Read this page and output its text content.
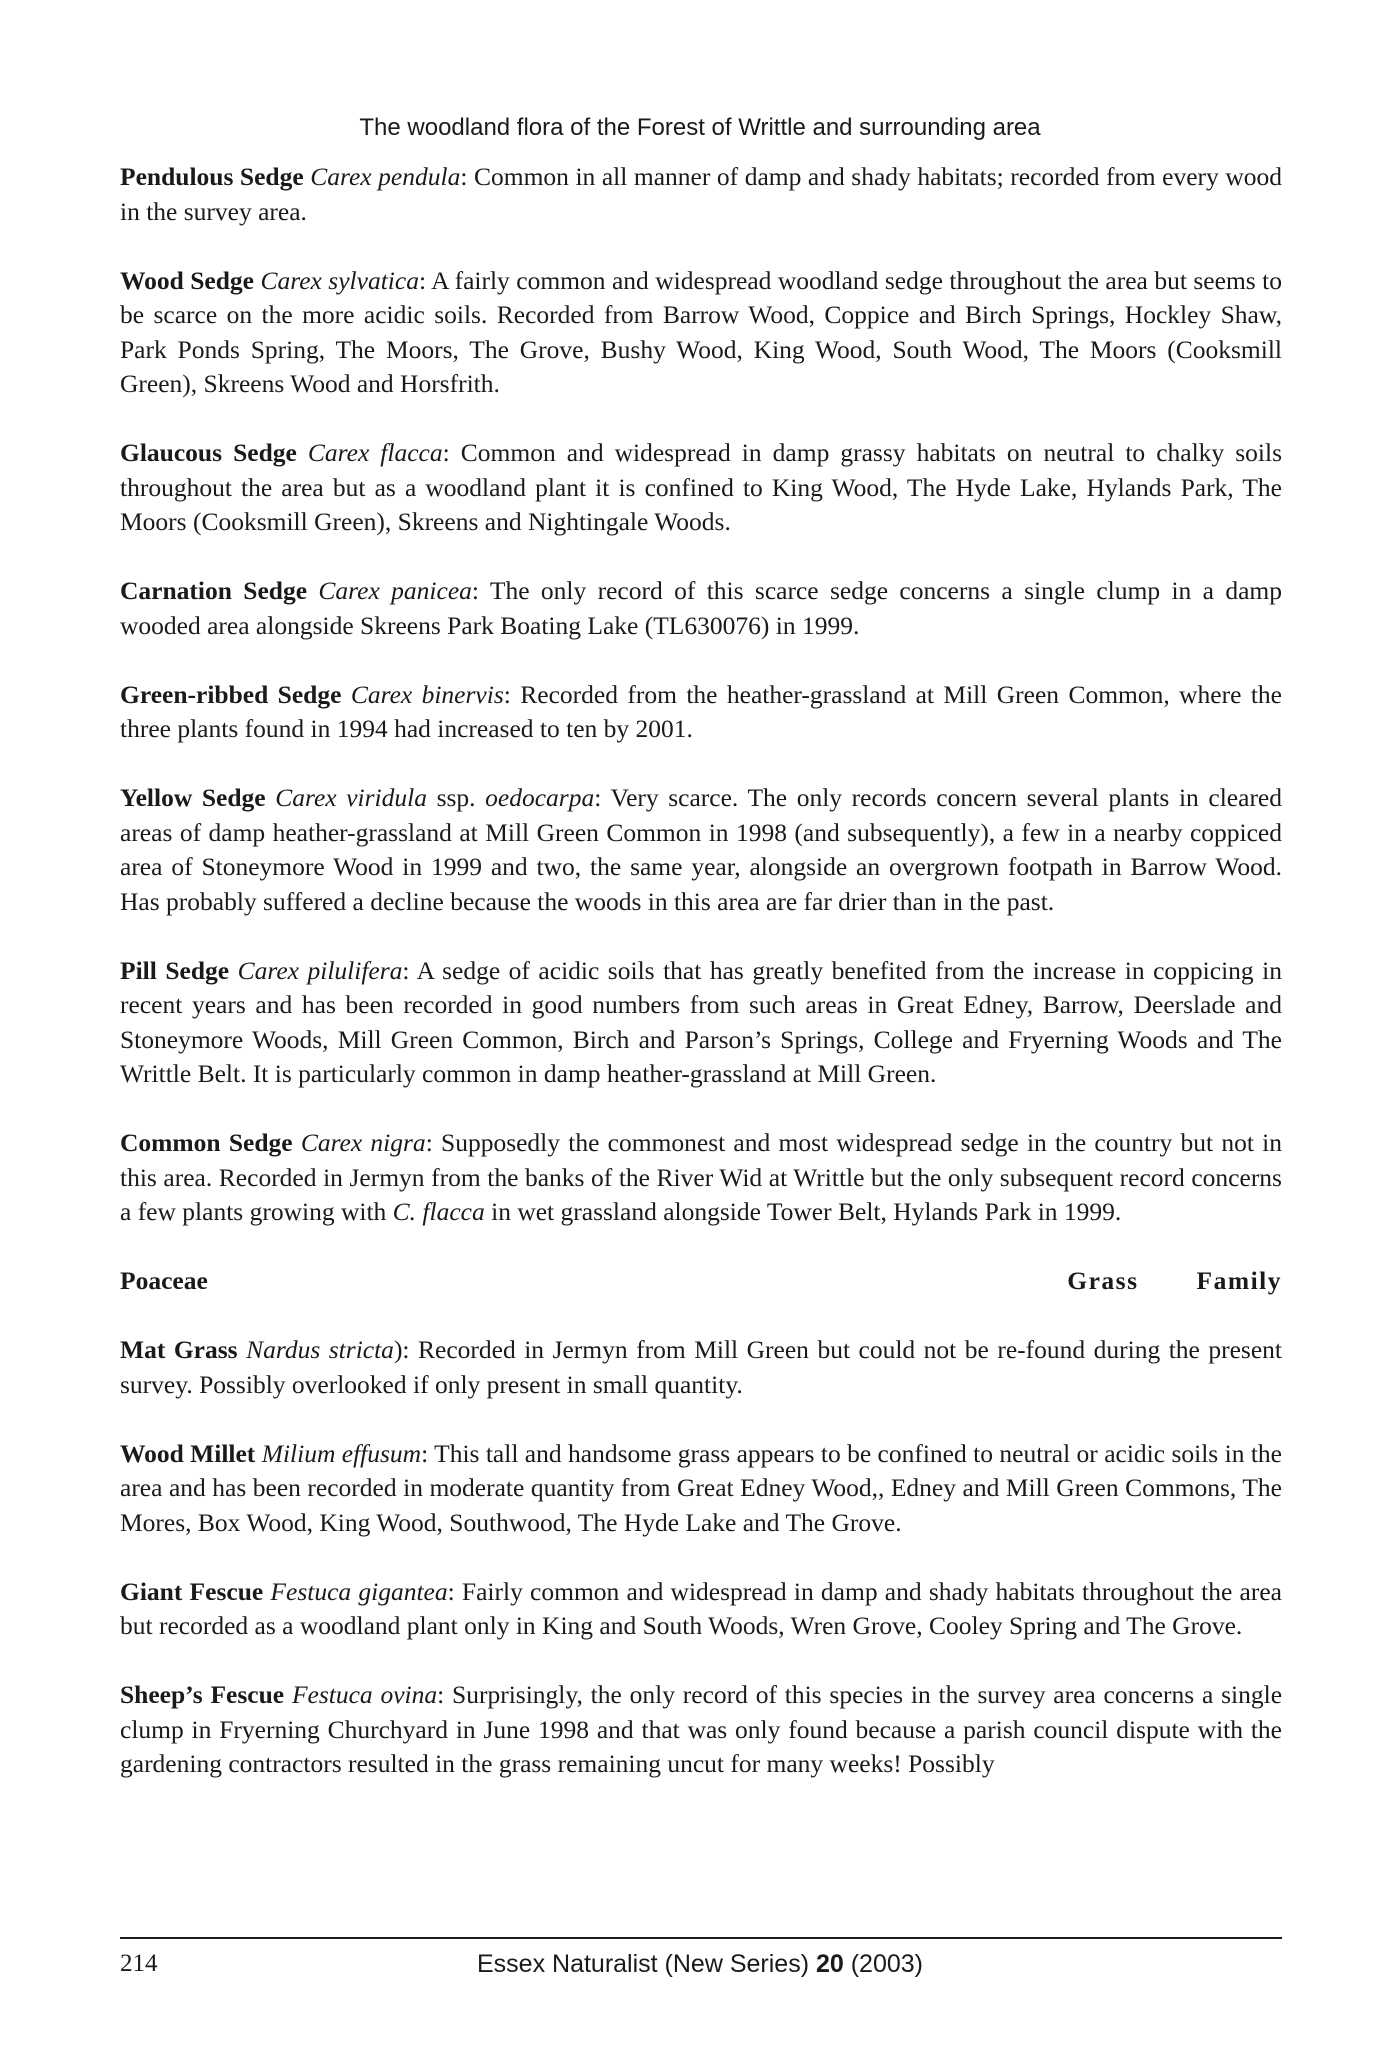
The woodland flora of the Forest of Writtle and surrounding area

Pendulous Sedge Carex pendula: Common in all manner of damp and shady habitats; recorded from every wood in the survey area.

Wood Sedge Carex sylvatica: A fairly common and widespread woodland sedge throughout the area but seems to be scarce on the more acidic soils. Recorded from Barrow Wood, Coppice and Birch Springs, Hockley Shaw, Park Ponds Spring, The Moors, The Grove, Bushy Wood, King Wood, South Wood, The Moors (Cooksmill Green), Skreens Wood and Horsfrith.

Glaucous Sedge Carex flacca: Common and widespread in damp grassy habitats on neutral to chalky soils throughout the area but as a woodland plant it is confined to King Wood, The Hyde Lake, Hylands Park, The Moors (Cooksmill Green), Skreens and Nightingale Woods.

Carnation Sedge Carex panicea: The only record of this scarce sedge concerns a single clump in a damp wooded area alongside Skreens Park Boating Lake (TL630076) in 1999.

Green-ribbed Sedge Carex binervis: Recorded from the heather-grassland at Mill Green Common, where the three plants found in 1994 had increased to ten by 2001.

Yellow Sedge Carex viridula ssp. oedocarpa: Very scarce. The only records concern several plants in cleared areas of damp heather-grassland at Mill Green Common in 1998 (and subsequently), a few in a nearby coppiced area of Stoneymore Wood in 1999 and two, the same year, alongside an overgrown footpath in Barrow Wood. Has probably suffered a decline because the woods in this area are far drier than in the past.

Pill Sedge Carex pilulifera: A sedge of acidic soils that has greatly benefited from the increase in coppicing in recent years and has been recorded in good numbers from such areas in Great Edney, Barrow, Deerslade and Stoneymore Woods, Mill Green Common, Birch and Parson’s Springs, College and Fryerning Woods and The Writtle Belt. It is particularly common in damp heather-grassland at Mill Green.

Common Sedge Carex nigra: Supposedly the commonest and most widespread sedge in the country but not in this area. Recorded in Jermyn from the banks of the River Wid at Writtle but the only subsequent record concerns a few plants growing with C. flacca in wet grassland alongside Tower Belt, Hylands Park in 1999.

Poaceae	Grass Family

Mat Grass Nardus stricta): Recorded in Jermyn from Mill Green but could not be re-found during the present survey. Possibly overlooked if only present in small quantity.

Wood Millet Milium effusum: This tall and handsome grass appears to be confined to neutral or acidic soils in the area and has been recorded in moderate quantity from Great Edney Wood,, Edney and Mill Green Commons, The Mores, Box Wood, King Wood, Southwood, The Hyde Lake and The Grove.

Giant Fescue Festuca gigantea: Fairly common and widespread in damp and shady habitats throughout the area but recorded as a woodland plant only in King and South Woods, Wren Grove, Cooley Spring and The Grove.

Sheep’s Fescue Festuca ovina: Surprisingly, the only record of this species in the survey area concerns a single clump in Fryerning Churchyard in June 1998 and that was only found because a parish council dispute with the gardening contractors resulted in the grass remaining uncut for many weeks! Possibly

214	Essex Naturalist (New Series) 20 (2003)
